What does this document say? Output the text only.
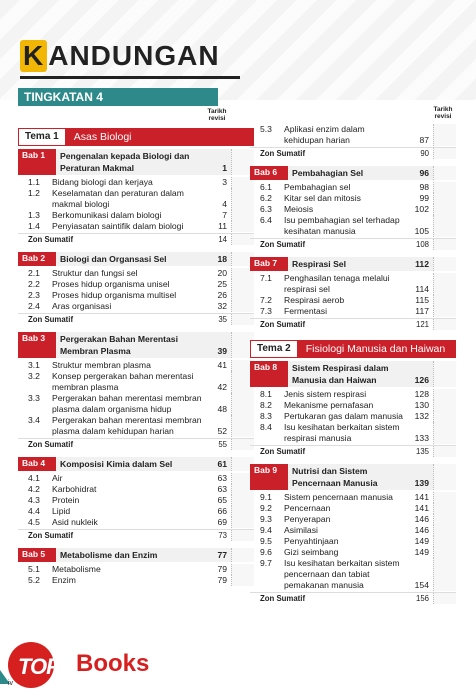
K ANDUNGAN
TINGKATAN 4
Tarikh revisi
Tarikh revisi
Tema 1	Asas Biologi
Bab 1	Pengenalan kepada Biologi dan Peraturan Makmal	1
1.1	Bidang biologi dan kerjaya	3
1.2	Keselamatan dan peraturan dalam makmal biologi	4
1.3	Berkomunikasi dalam biologi	7
1.4	Penyiasatan saintifik dalam biologi	11
Zon Sumatif	14
Bab 2	Biologi dan Organsasi Sel	18
2.1	Struktur dan fungsi sel	20
2.2	Proses hidup organisma unisel	25
2.3	Proses hidup organisma multisel	26
2.4	Aras organisasi	32
Zon Sumatif	35
Bab 3	Pergerakan Bahan Merentasi Membran Plasma	39
3.1	Struktur membran plasma	41
3.2	Konsep pergerakan bahan merentasi membran plasma	42
3.3	Pergerakan bahan merentasi membran plasma dalam organisma hidup	48
3.4	Pergerakan bahan merentasi membran plasma dalam kehidupan harian	52
Zon Sumatif	55
Bab 4	Komposisi Kimia dalam Sel	61
4.1	Air	63
4.2	Karbohidrat	63
4.3	Protein	65
4.4	Lipid	66
4.5	Asid nukleik	69
Zon Sumatif	73
Bab 5	Metabolisme dan Enzim	77
5.1	Metabolisme	79
5.2	Enzim	79
5.3	Aplikasi enzim dalam kehidupan harian	87
Zon Sumatif	90
Bab 6	Pembahagian Sel	96
6.1	Pembahagian sel	98
6.2	Kitar sel dan mitosis	99
6.3	Meiosis	102
6.4	Isu pembahagian sel terhadap kesihatan manusia	105
Zon Sumatif	108
Bab 7	Respirasi Sel	112
7.1	Penghasilan tenaga melalui respirasi sel	114
7.2	Respirasi aerob	115
7.3	Fermentasi	117
Zon Sumatif	121
Tema 2	Fisiologi Manusia dan Haiwan
Bab 8	Sistem Respirasi dalam Manusia dan Haiwan	126
8.1	Jenis sistem respirasi	128
8.2	Mekanisme pernafasan	130
8.3	Pertukaran gas dalam manusia	132
8.4	Isu kesihatan berkaitan sistem respirasi manusia	133
Zon Sumatif	135
Bab 9	Nutrisi dan Sistem Pencernaan Manusia	139
9.1	Sistem pencernaan manusia	141
9.2	Pencernaan	141
9.3	Penyerapan	146
9.4	Asimilasi	146
9.5	Penyahtinjaan	149
9.6	Gizi seimbang	149
9.7	Isu kesihatan berkaitan sistem pencernaan dan tabiat pemakanan manusia	154
Zon Sumatif	156
TOP Books
iv
